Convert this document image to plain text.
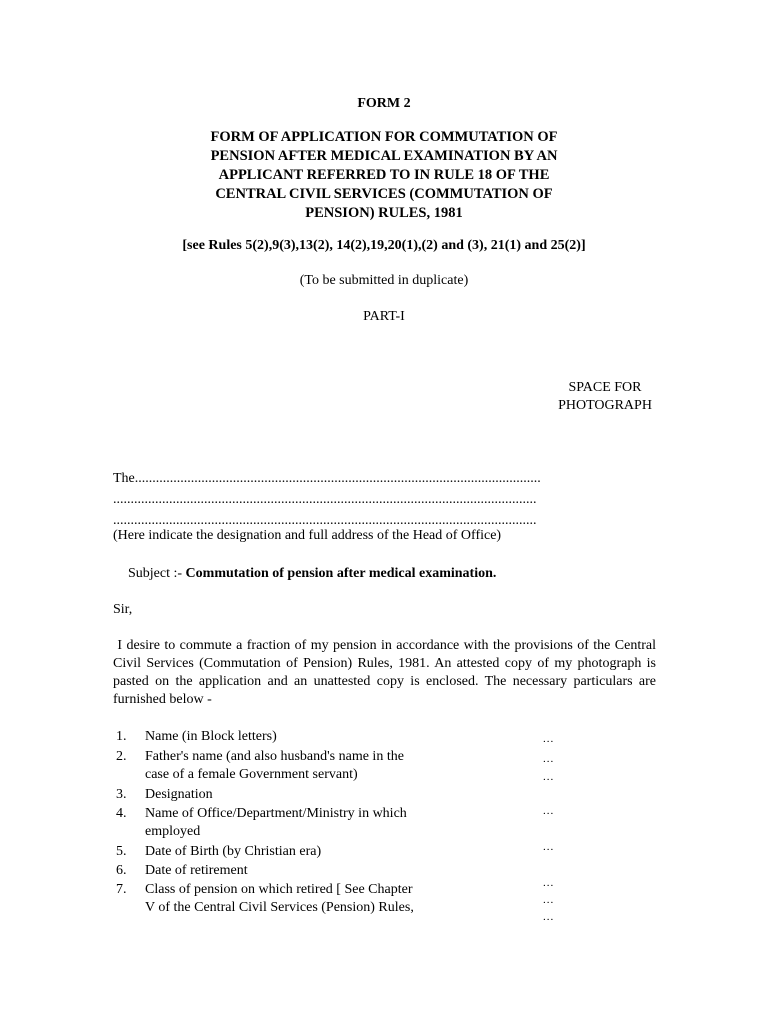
FORM 2
FORM OF APPLICATION FOR COMMUTATION OF
PENSION AFTER MEDICAL EXAMINATION BY AN
APPLICANT REFERRED TO IN RULE 18 OF THE
CENTRAL CIVIL SERVICES (COMMUTATION OF
PENSION) RULES, 1981
[see Rules 5(2),9(3),13(2), 14(2),19,20(1),(2) and (3), 21(1) and 25(2)]
(To be submitted in duplicate)
PART-I
SPACE FOR
PHOTOGRAPH
The....................................................................................................................
.........................................................................................................................
.........................................................................................................................
(Here indicate the designation and full address of the Head of Office)
Subject :- Commutation of pension after medical examination.
Sir,
I desire to commute a fraction of my pension in accordance with the provisions of the Central Civil Services (Commutation of Pension) Rules, 1981. An attested copy of my photograph is pasted on the application and an unattested copy is enclosed. The necessary particulars are furnished below -
1. Name (in Block letters)	...
2. Father's name (and also husband's name in the
case of a female Government servant)
...
...
3. Designation
4. Name of Office/Department/Ministry in which
employed
...
5. Date of Birth (by Christian era)	...
6. Date of retirement
7. Class of pension on which retired [ See Chapter
V of the Central Civil Services (Pension) Rules,
...
...
...
